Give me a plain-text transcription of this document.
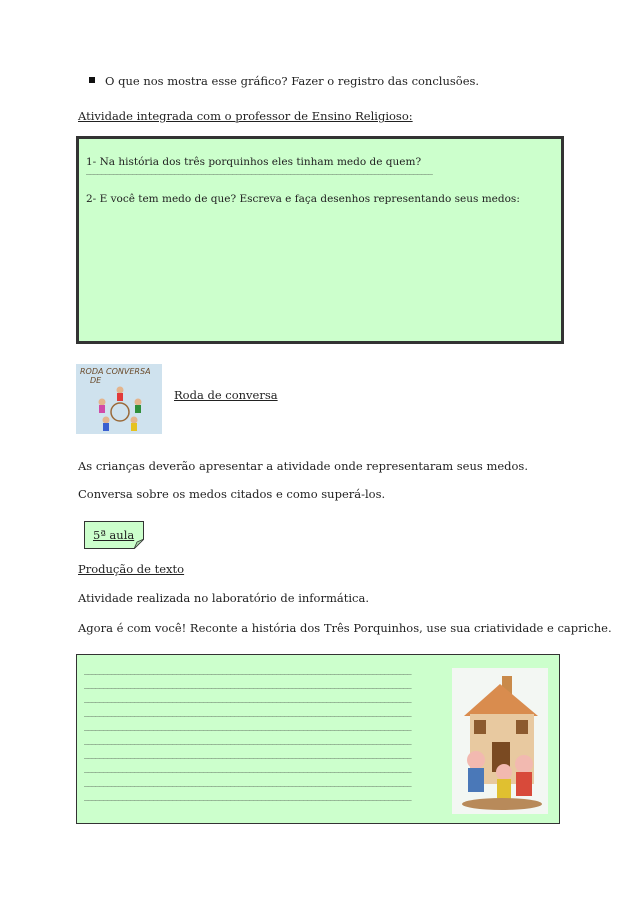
O que nos mostra esse gráfico? Fazer o registro das conclusões.
Atividade integrada com o professor de Ensino Religioso:
1- Na história dos três porquinhos eles tinham medo de quem?
__________________________________________________________________________________________
2- E você tem medo de que? Escreva e faça desenhos representando seus medos:
RODA CONVERSA
DE
Roda de conversa
As crianças deverão apresentar a atividade onde representaram seus medos.
Conversa sobre os medos citados e como superá-los.
5ª aula
Produção de texto
Atividade realizada no laboratório de informática.
Agora é com você! Reconte a história dos Três Porquinhos, use sua criatividade e capriche.
_____________________________________________________________________________________
_____________________________________________________________________________________
_____________________________________________________________________________________
_____________________________________________________________________________________
_____________________________________________________________________________________
_____________________________________________________________________________________
_____________________________________________________________________________________
_____________________________________________________________________________________
_____________________________________________________________________________________
_____________________________________________________________________________________
